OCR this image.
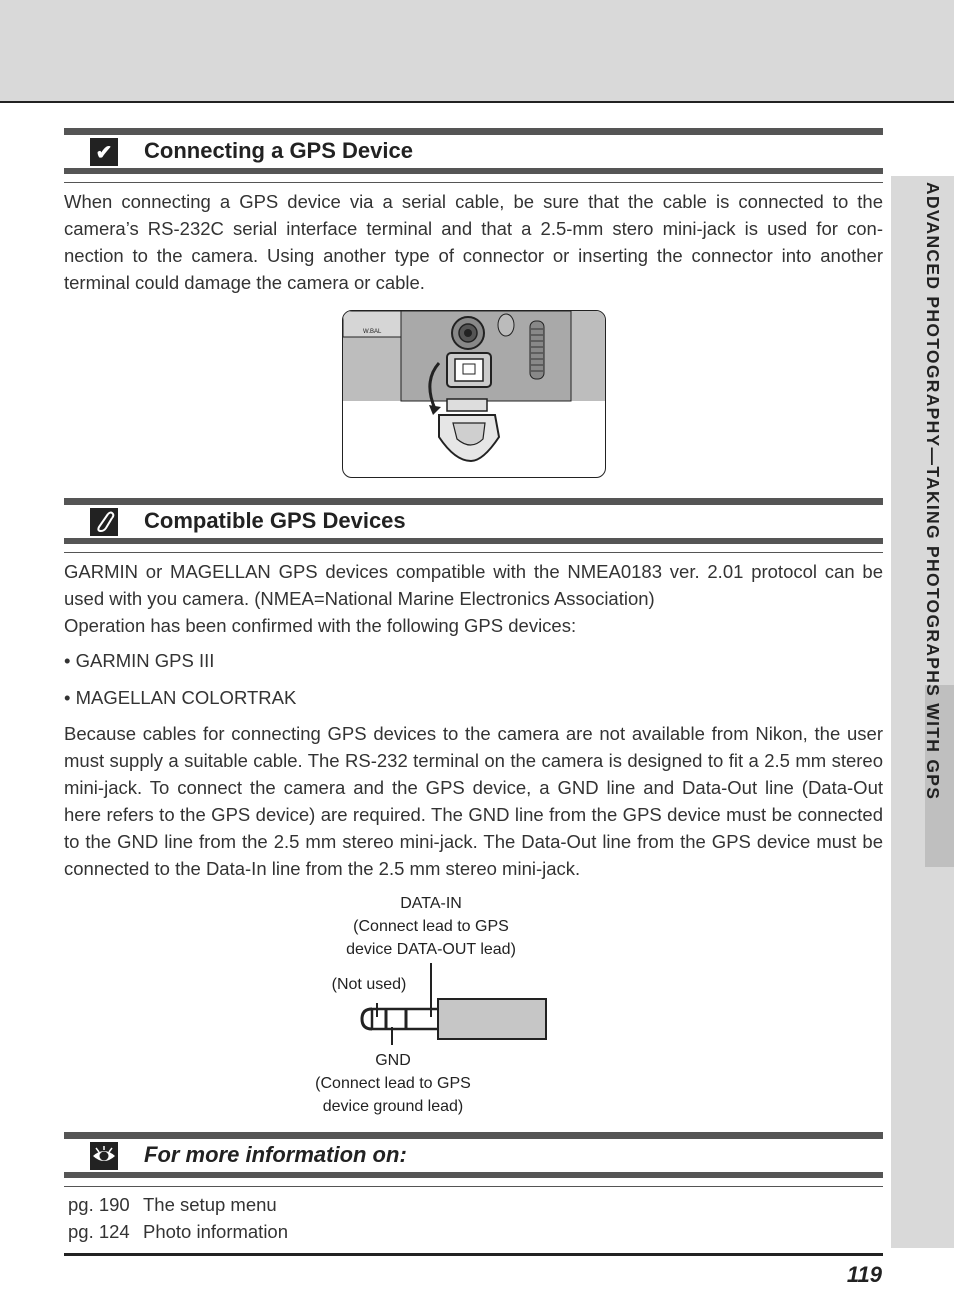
ADVANCED PHOTOGRAPHY—TAKING PHOTOGRAPHS WITH GPS
✔ Connecting a GPS Device
When connecting a GPS device via a serial cable, be sure that the cable is connected to the camera’s RS-232C serial interface terminal and that a 2.5-mm stero mini-jack is used for con-nection to the camera. Using another type of connector or inserting the connector into another terminal could damage the camera or cable.
W.BAL
Compatible GPS Devices
GARMIN or MAGELLAN GPS devices compatible with the NMEA0183 ver. 2.01 protocol can be used with you camera. (NMEA=National Marine Electronics Association)
Operation has been confirmed with the following GPS devices:
• GARMIN GPS III
• MAGELLAN COLORTRAK
Because cables for connecting GPS devices to the camera are not available from Nikon, the user must supply a suitable cable. The RS-232 terminal on the camera is designed to fit a 2.5 mm stereo mini-jack. To connect the camera and the GPS device, a GND line and Data-Out line (Data-Out here refers to the GPS device) are required. The GND line from the GPS device must be connected to the GND line from the 2.5 mm stereo mini-jack. The Data-Out line from the GPS device must be connected to the Data-In line from the 2.5 mm stereo mini-jack.
DATA-IN
(Connect lead to GPS
device DATA-OUT lead)
(Not used)
GND
(Connect lead to GPS
device ground lead)
For more information on:
pg. 190 The setup menu
pg. 124 Photo information
119
